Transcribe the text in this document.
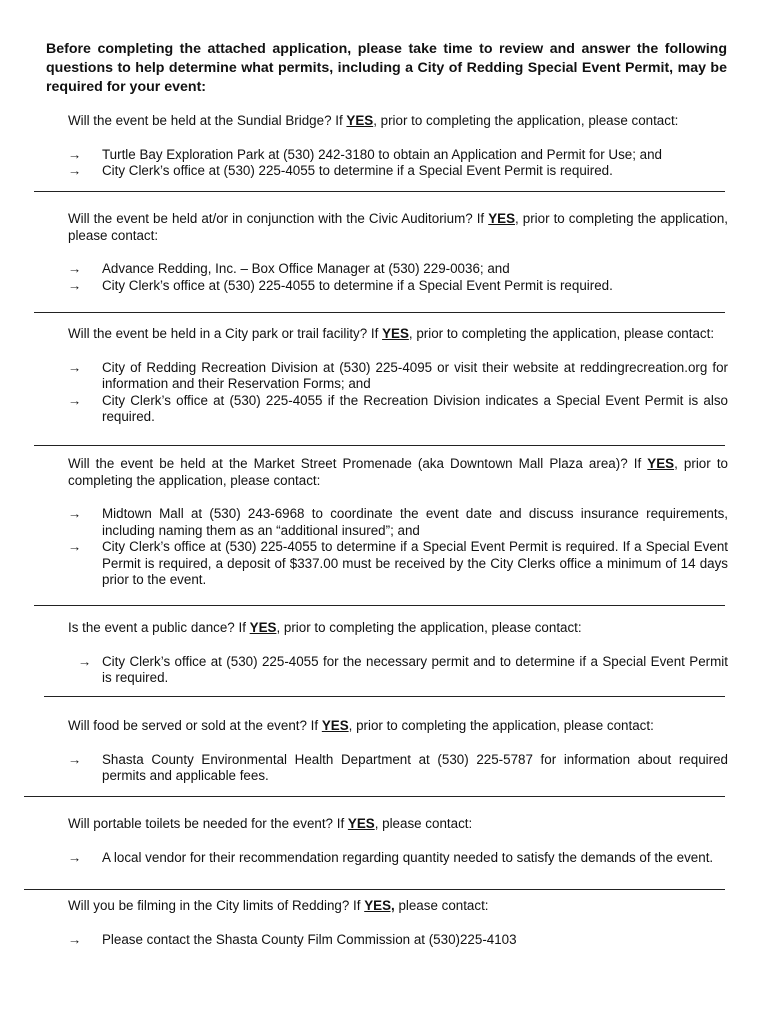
Before completing the attached application, please take time to review and answer the following questions to help determine what permits, including a City of Redding Special Event Permit, may be required for your event:
Will the event be held at the Sundial Bridge? If YES, prior to completing the application, please contact:
→	Turtle Bay Exploration Park at (530) 242-3180 to obtain an Application and Permit for Use; and
→	City Clerk’s office at (530) 225-4055 to determine if a Special Event Permit is required.
Will the event be held at/or in conjunction with the Civic Auditorium? If YES, prior to completing the application, please contact:
→	Advance Redding, Inc. – Box Office Manager at (530) 229-0036; and
→	City Clerk’s office at (530) 225-4055 to determine if a Special Event Permit is required.
Will the event be held in a City park or trail facility? If YES, prior to completing the application, please contact:
→	City of Redding Recreation Division at (530) 225-4095 or visit their website at reddingrecreation.org for information and their Reservation Forms; and
→	City Clerk’s office at (530) 225-4055 if the Recreation Division indicates a Special Event Permit is also required.
Will the event be held at the Market Street Promenade (aka Downtown Mall Plaza area)? If YES, prior to completing the application, please contact:
→	Midtown Mall at (530) 243-6968 to coordinate the event date and discuss insurance requirements, including naming them as an “additional insured”; and
→	City Clerk’s office at (530) 225-4055 to determine if a Special Event Permit is required. If a Special Event Permit is required, a deposit of $337.00 must be received by the City Clerks office a minimum of 14 days prior to the event.
Is the event a public dance? If YES, prior to completing the application, please contact:
→ City Clerk’s office at (530) 225-4055 for the necessary permit and to determine if a Special Event Permit is required.
Will food be served or sold at the event? If YES, prior to completing the application, please contact:
→	Shasta County Environmental Health Department at (530) 225-5787 for information about required permits and applicable fees.
Will portable toilets be needed for the event? If YES, please contact:
→	A local vendor for their recommendation regarding quantity needed to satisfy the demands of the event.
Will you be filming in the City limits of Redding? If YES, please contact:
→	Please contact the Shasta County Film Commission at (530)225-4103
